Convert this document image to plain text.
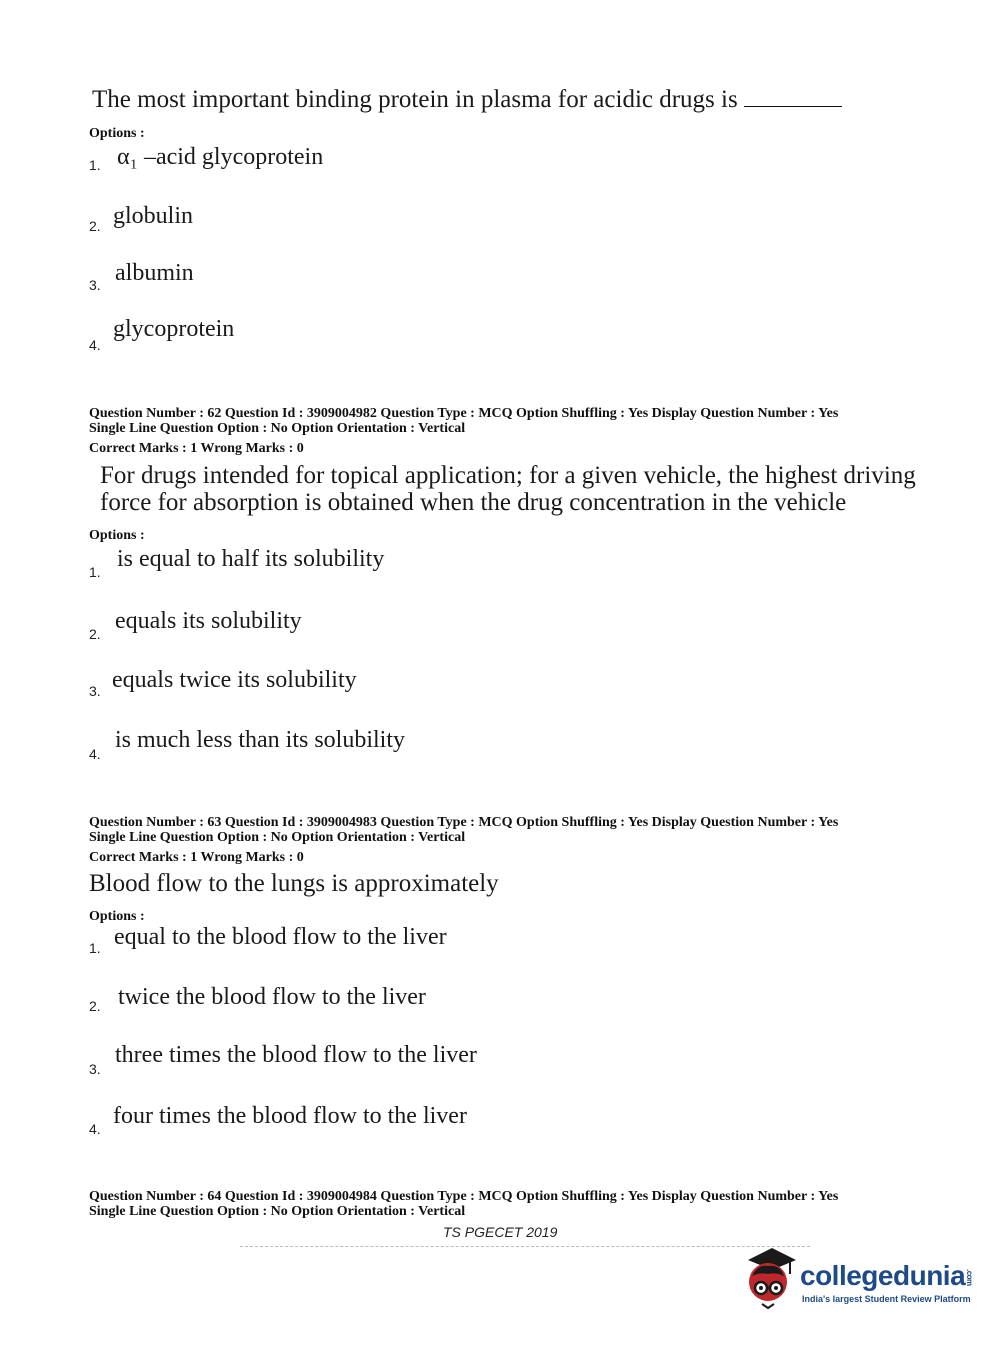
The most important binding protein in plasma for acidic drugs is
Options :
1. α₁ –acid glycoprotein
2. globulin
3. albumin
4.
glycoprotein
Question Number : 62 Question Id : 3909004982 Question Type : MCQ Option Shuffling : Yes Display Question Number : Yes
Single Line Question Option : No Option Orientation : Vertical
Correct Marks : 1 Wrong Marks : 0
For drugs intended for topical application; for a given vehicle, the highest driving
force for absorption is obtained when the drug concentration in the vehicle
Options :
1. is equal to half its solubility
2. equals its solubility
3. equals twice its solubility
4.
is much less than its solubility
Question Number : 63 Question Id : 3909004983 Question Type : MCQ Option Shuffling : Yes Display Question Number : Yes
Single Line Question Option : No Option Orientation : Vertical
Correct Marks : 1 Wrong Marks : 0
Blood flow to the lungs is approximately
Options :
1. equal to the blood flow to the liver
2. twice the blood flow to the liver
3.
three times the blood flow to the liver
4. four times the blood flow to the liver
Question Number : 64 Question Id : 3909004984 Question Type : MCQ Option Shuffling : Yes Display Question Number : Yes
Single Line Question Option : No Option Orientation : Vertical
TS PGECET 2019
collegedunia.com
India's largest Student Review Platform
